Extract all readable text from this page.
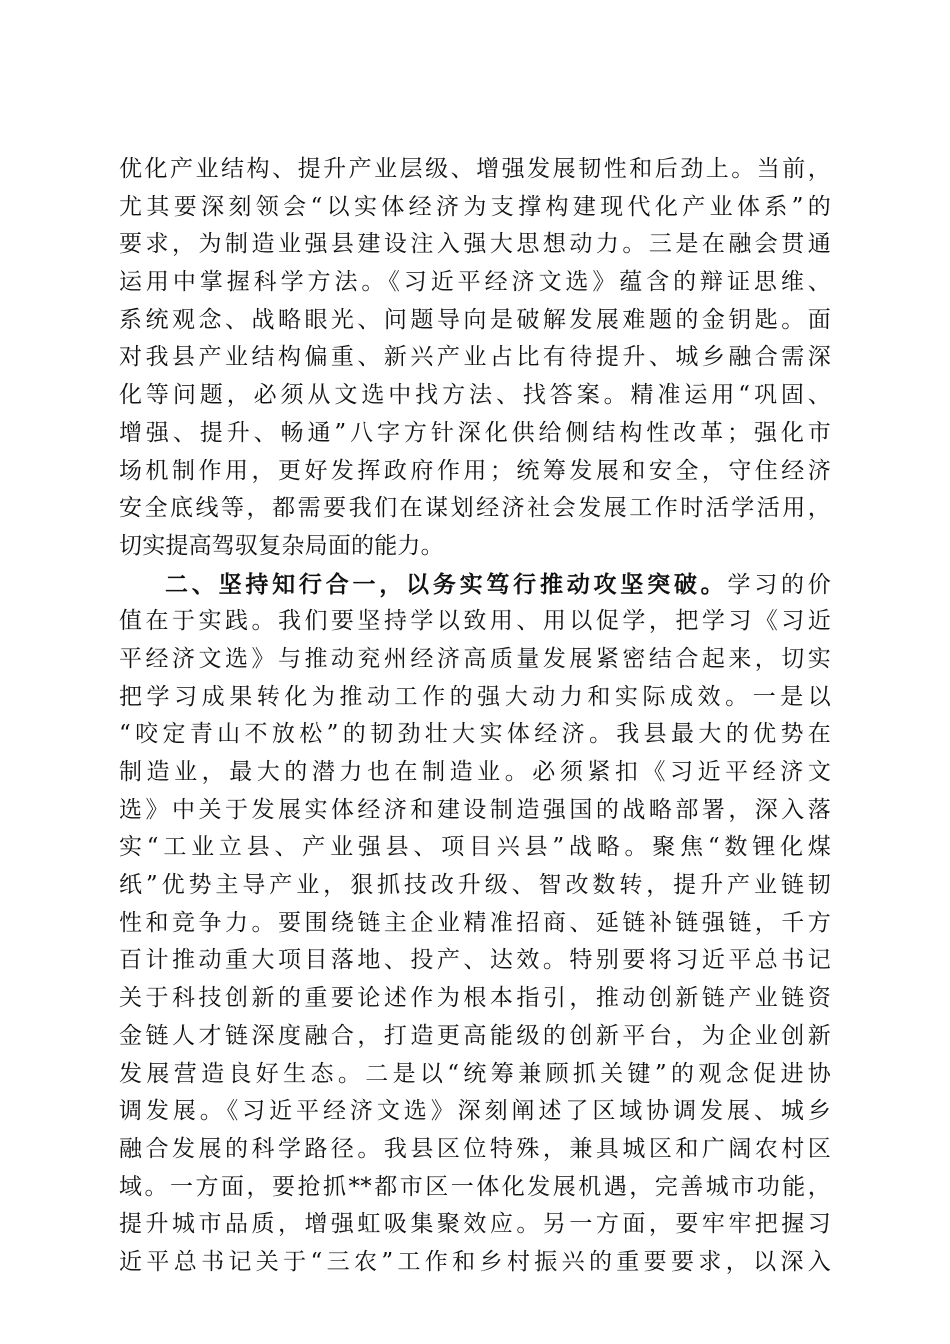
优化产业结构、提升产业层级、增强发展韧性和后劲上。当前，
尤其要深刻领会“以实体经济为支撑构建现代化产业体系”的
要求，为制造业强县建设注入强大思想动力。三是在融会贯通
运用中掌握科学方法。《习近平经济文选》蕴含的辩证思维、
系统观念、战略眼光、问题导向是破解发展难题的金钥匙。面
对我县产业结构偏重、新兴产业占比有待提升、城乡融合需深
化等问题，必须从文选中找方法、找答案。精准运用“巩固、
增强、提升、畅通”八字方针深化供给侧结构性改革；强化市
场机制作用，更好发挥政府作用；统筹发展和安全，守住经济
安全底线等，都需要我们在谋划经济社会发展工作时活学活用，
切实提高驾驭复杂局面的能力。
二、坚持知行合一，以务实笃行推动攻坚突破。学习的价
值在于实践。我们要坚持学以致用、用以促学，把学习《习近
平经济文选》与推动兖州经济高质量发展紧密结合起来，切实
把学习成果转化为推动工作的强大动力和实际成效。一是以
“咬定青山不放松”的韧劲壮大实体经济。我县最大的优势在
制造业，最大的潜力也在制造业。必须紧扣《习近平经济文
选》中关于发展实体经济和建设制造强国的战略部署，深入落
实“工业立县、产业强县、项目兴县”战略。聚焦“数锂化煤
纸”优势主导产业，狠抓技改升级、智改数转，提升产业链韧
性和竞争力。要围绕链主企业精准招商、延链补链强链，千方
百计推动重大项目落地、投产、达效。特别要将习近平总书记
关于科技创新的重要论述作为根本指引，推动创新链产业链资
金链人才链深度融合，打造更高能级的创新平台，为企业创新
发展营造良好生态。二是以“统筹兼顾抓关键”的观念促进协
调发展。《习近平经济文选》深刻阐述了区域协调发展、城乡
融合发展的科学路径。我县区位特殊，兼具城区和广阔农村区
域。一方面，要抢抓**都市区一体化发展机遇，完善城市功能，
提升城市品质，增强虹吸集聚效应。另一方面，要牢牢把握习
近平总书记关于“三农”工作和乡村振兴的重要要求，以深入
